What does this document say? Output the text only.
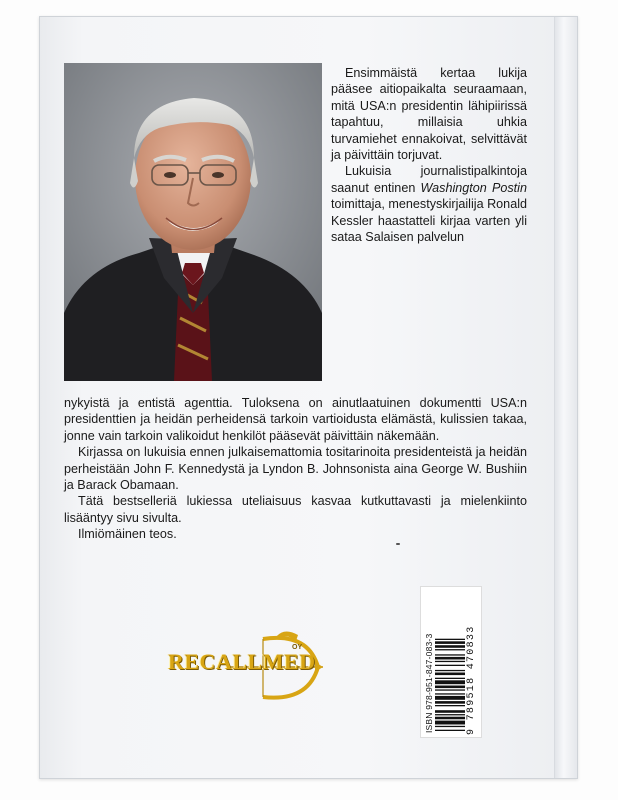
Ensimmäistä kertaa lukija pääsee aitiopaikalta seuraamaan, mitä USA:n presidentin lähipiirissä tapahtuu, millaisia uhkia turvamiehet ennakoivat, selvittävät ja päivittäin torjuvat.

Lukuisia journalistipalkintoja saanut entinen Washington Postin toimittaja, menestyskirjailija Ronald Kessler haastatteli kirjaa varten yli sataa Salaisen palvelun

nykyistä ja entistä agenttia. Tuloksena on ainutlaatuinen dokumentti USA:n presidenttien ja heidän perheidensä tarkoin vartioidusta elämästä, kulissien takaa, jonne vain tarkoin valikoidut henkilöt pääsevät päivittäin näkemään.

Kirjassa on lukuisia ennen julkaisemattomia tositarinoita presidenteistä ja heidän perheistään John F. Kennedystä ja Lyndon B. Johnsonista aina George W. Bushiin ja Barack Obamaan.

Tätä bestselleriä lukiessa uteliaisuus kasvaa kutkuttavasti ja mielenkiinto lisääntyy sivu sivulta.

Ilmiömäinen teos.

RECALLMED
OY	ISBN 978-951-847-083-3	9 789518 470833
